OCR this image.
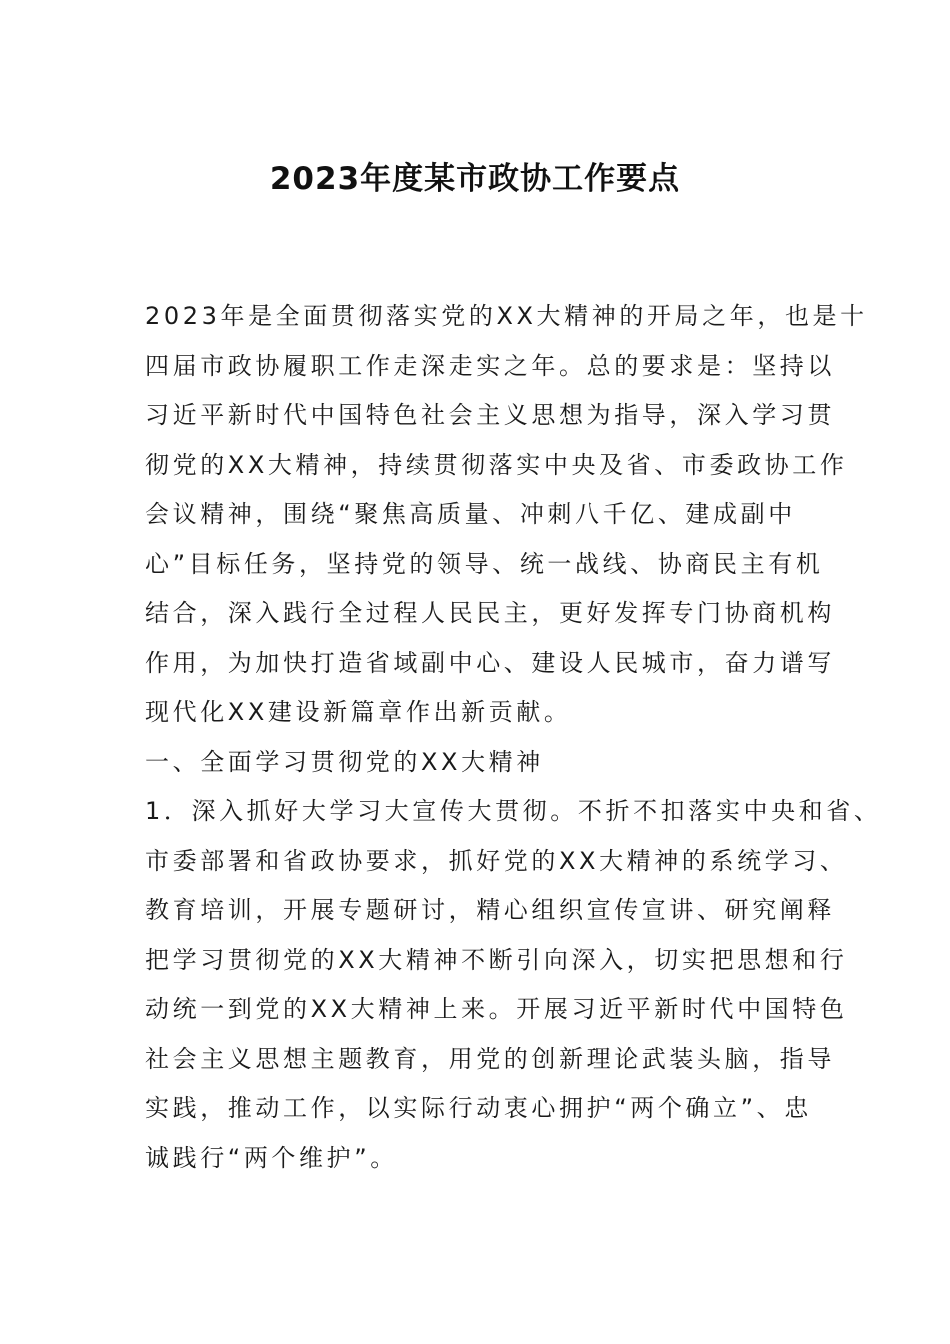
2023年度某市政协工作要点
2023年是全面贯彻落实党的XX大精神的开局之年，也是十
四届市政协履职工作走深走实之年。总的要求是：坚持以
习近平新时代中国特色社会主义思想为指导，深入学习贯
彻党的XX大精神，持续贯彻落实中央及省、市委政协工作
会议精神，围绕“聚焦高质量、冲刺八千亿、建成副中
心”目标任务，坚持党的领导、统一战线、协商民主有机
结合，深入践行全过程人民民主，更好发挥专门协商机构
作用，为加快打造省域副中心、建设人民城市，奋力谱写
现代化XX建设新篇章作出新贡献。
一、全面学习贯彻党的XX大精神
1．深入抓好大学习大宣传大贯彻。不折不扣落实中央和省、
市委部署和省政协要求，抓好党的XX大精神的系统学习、
教育培训，开展专题研讨，精心组织宣传宣讲、研究阐释
把学习贯彻党的XX大精神不断引向深入，切实把思想和行
动统一到党的XX大精神上来。开展习近平新时代中国特色
社会主义思想主题教育，用党的创新理论武装头脑，指导
实践，推动工作，以实际行动衷心拥护“两个确立”、忠
诚践行“两个维护”。
